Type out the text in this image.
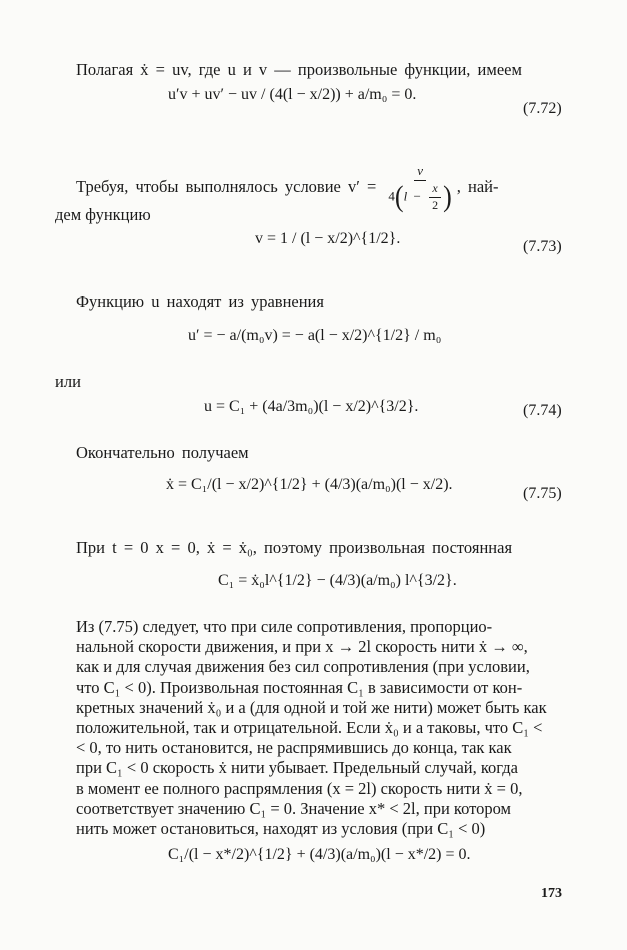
Полагая ẋ = uv, где u и v — произвольные функции, имеем
u′v + uv′ − uv / (4(l − x/2)) + a/m₀ = 0.
(7.72)
Требуя, чтобы выполнялось условие $v' = \frac{v}{4(l - \frac{x}{2} )}$ , най-
дем функцию
v = 1 / (l − x/2)^{1/2}.	(7.73)
Функцию u находят из уравнения
u′ = − a/(m₀v) = − a(l − x/2)^{1/2} / m₀
или
u = C₁ + (4a/3m₀)(l − x/2)^{3/2}.	(7.74)
Окончательно получаем
ẋ = C₁/(l − x/2)^{1/2} + (4/3)(a/m₀)(l − x/2).
(7.75)
При t = 0 x = 0, ẋ = ẋ₀, поэтому произвольная постоянная
C₁ = ẋ₀l^{1/2} − (4/3)(a/m₀) l^{3/2}.
Из (7.75) следует, что при силе сопротивления, пропорцио-
нальной скорости движения, и при x → 2l скорость нити ẋ → ∞,
как и для случая движения без сил сопротивления (при условии,
что C₁ < 0). Произвольная постоянная C₁ в зависимости от кон-
кретных значений ẋ₀ и a (для одной и той же нити) может быть как
положительной, так и отрицательной. Если ẋ₀ и a таковы, что C₁ <
< 0, то нить остановится, не распрямившись до конца, так как
при C₁ < 0 скорость ẋ нити убывает. Предельный случай, когда
в момент ее полного распрямления (x = 2l) скорость нити ẋ = 0,
соответствует значению C₁ = 0. Значение x* < 2l, при котором
нить может остановиться, находят из условия (при C₁ < 0)
C₁/(l − x*/2)^{1/2} + (4/3)(a/m₀)(l − x*/2) = 0.
173
